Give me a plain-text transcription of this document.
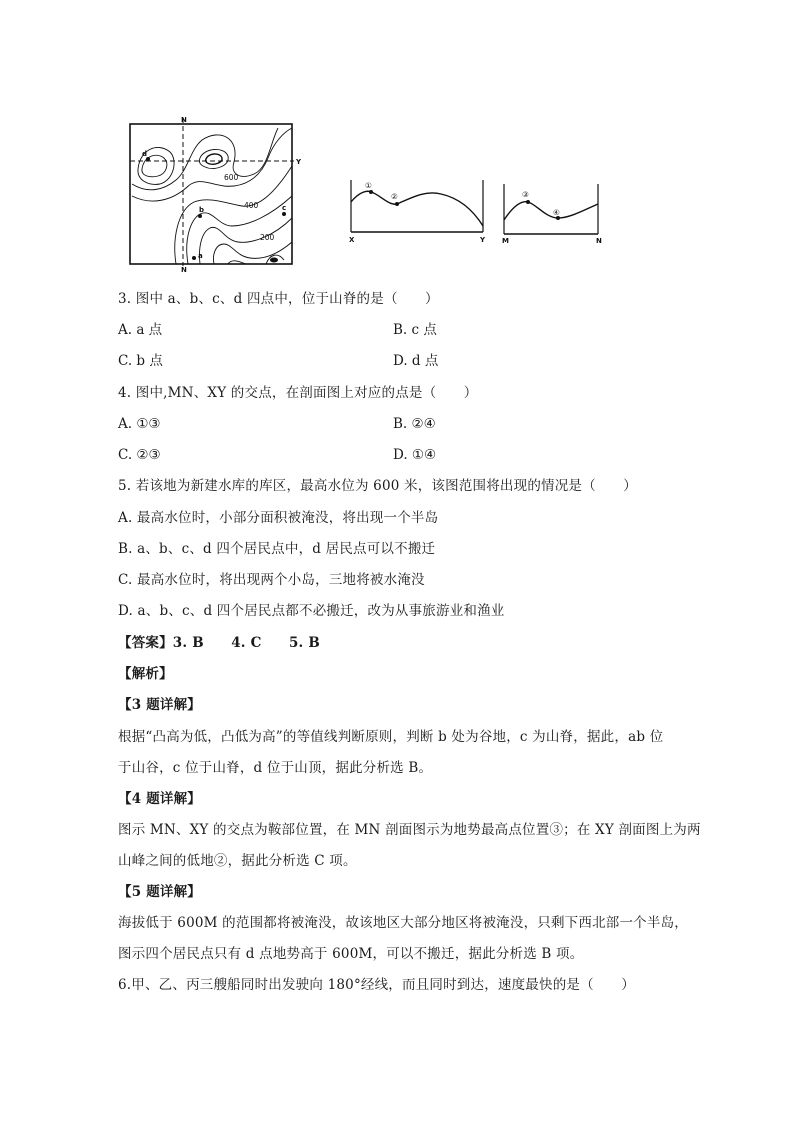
N
N
Y
600
400
200
d
b	c
a
①
②
X	Y
③
④
M	N
3. 图中 a、b、c、d 四点中，位于山脊的是（　　）
A. a 点	B. c 点
C. b 点	D. d 点
4. 图中,MN、XY 的交点，在剖面图上对应的点是（　　）
A. ①③	B. ②④
C. ②③	D. ①④
5. 若该地为新建水库的库区，最高水位为 600 米，该图范围将出现的情况是（　　）
A. 最高水位时，小部分面积被淹没，将出现一个半岛
B. a、b、c、d 四个居民点中，d 居民点可以不搬迁
C. 最高水位时，将出现两个小岛，三地将被水淹没
D. a、b、c、d 四个居民点都不必搬迁，改为从事旅游业和渔业
【答案】3. B　　4. C　　5. B
【解析】
【3 题详解】
根据“凸高为低，凸低为高”的等值线判断原则，判断 b 处为谷地，c 为山脊，据此，ab 位
于山谷，c 位于山脊，d 位于山顶，据此分析选 B。
【4 题详解】
图示 MN、XY 的交点为鞍部位置，在 MN 剖面图示为地势最高点位置③；在 XY 剖面图上为两
山峰之间的低地②，据此分析选 C 项。
【5 题详解】
海拔低于 600M 的范围都将被淹没，故该地区大部分地区将被淹没，只剩下西北部一个半岛，
图示四个居民点只有 d 点地势高于 600M，可以不搬迁，据此分析选 B 项。
6.甲、乙、丙三艘船同时出发驶向 180°经线，而且同时到达，速度最快的是（　　）
